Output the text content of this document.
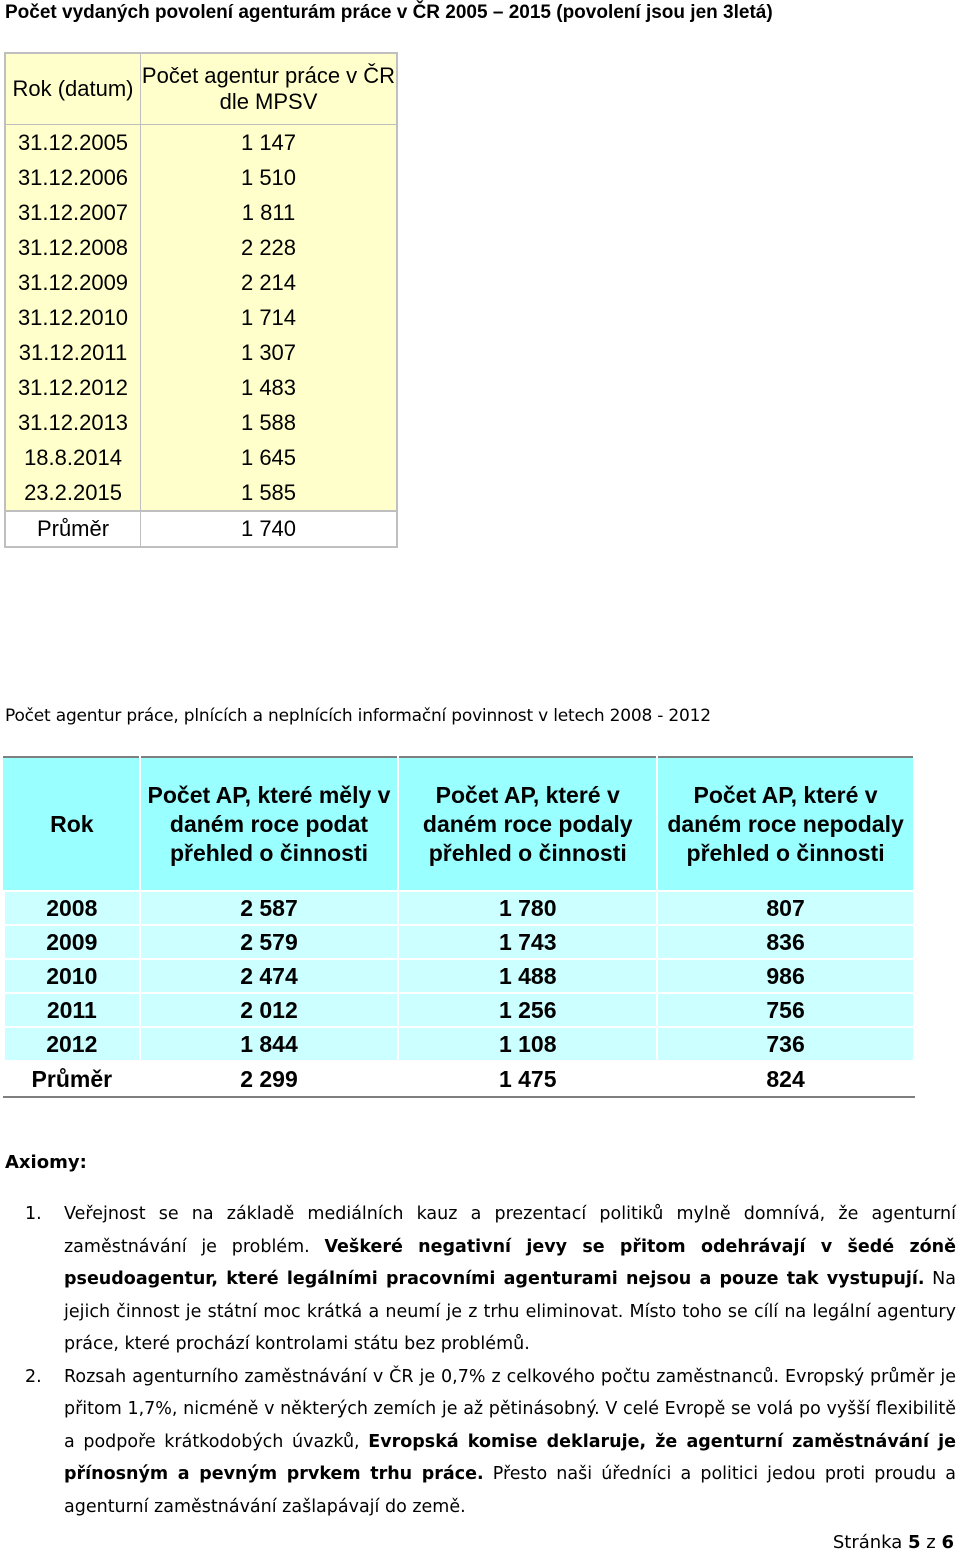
Počet vydaných povolení agenturám práce v ČR 2005 – 2015 (povolení jsou jen 3letá)
Rok (datum)	Počet agentur práce v ČR dle MPSV
31.12.2005	1 147
31.12.2006	1 510
31.12.2007	1 811
31.12.2008	2 228
31.12.2009	2 214
31.12.2010	1 714
31.12.2011	1 307
31.12.2012	1 483
31.12.2013	1 588
18.8.2014	1 645
23.2.2015	1 585
Průměr	1 740
Počet agentur práce, plnících a neplnících informační povinnost v letech 2008 - 2012
Rok	Počet AP, které měly v daném roce podat přehled o činnosti	Počet AP, které v daném roce podaly přehled o činnosti	Počet AP, které v daném roce nepodaly přehled o činnosti
2008	2 587	1 780	807
2009	2 579	1 743	836
2010	2 474	1 488	986
2011	2 012	1 256	756
2012	1 844	1 108	736
Průměr	2 299	1 475	824
Axiomy:
1. Veřejnost se na základě mediálních kauz a prezentací politiků mylně domnívá, že agenturní zaměstnávání je problém. Veškeré negativní jevy se přitom odehrávají v šedé zóně pseudoagentur, které legálními pracovními agenturami nejsou a pouze tak vystupují. Na jejich činnost je státní moc krátká a neumí je z trhu eliminovat. Místo toho se cílí na legální agentury práce, které prochází kontrolami státu bez problémů.
2. Rozsah agenturního zaměstnávání v ČR je 0,7% z celkového počtu zaměstnanců. Evropský průměr je přitom 1,7%, nicméně v některých zemích je až pětinásobný. V celé Evropě se volá po vyšší flexibilitě a podpoře krátkodobých úvazků, Evropská komise deklaruje, že agenturní zaměstnávání je přínosným a pevným prvkem trhu práce. Přesto naši úředníci a politici jedou proti proudu a agenturní zaměstnávání zašlapávají do země.
Stránka 5 z 6
